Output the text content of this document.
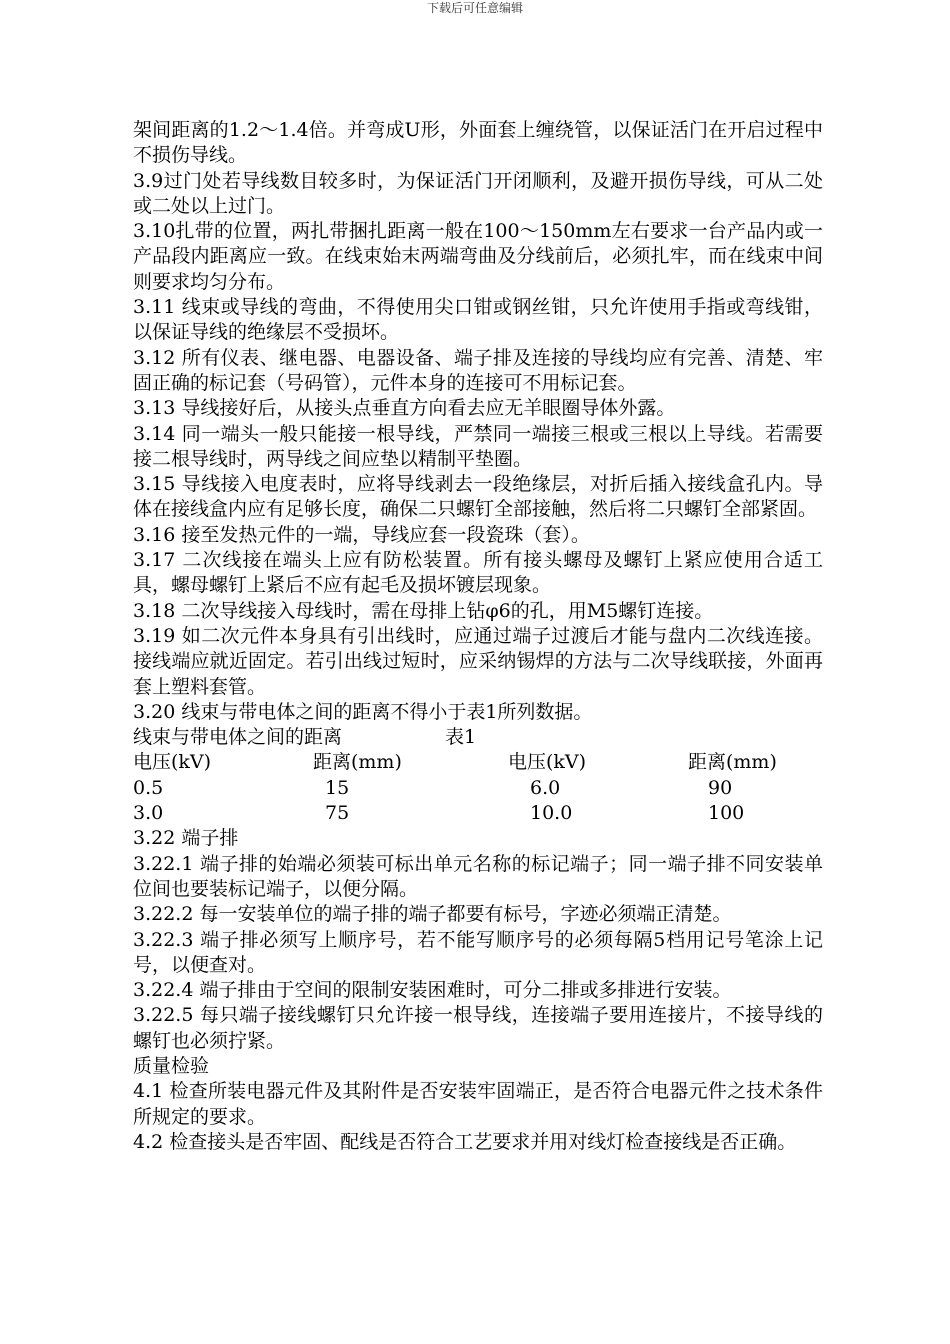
下载后可任意编辑

架间距离的1.2～1.4倍。并弯成U形，外面套上缠绕管，以保证活门在开启过程中不损伤导线。

3.9过门处若导线数目较多时，为保证活门开闭顺利，及避开损伤导线，可从二处或二处以上过门。

3.10扎带的位置，两扎带捆扎距离一般在100～150mm左右要求一台产品内或一产品段内距离应一致。在线束始末两端弯曲及分线前后，必须扎牢，而在线束中间则要求均匀分布。

3.11 线束或导线的弯曲，不得使用尖口钳或钢丝钳，只允许使用手指或弯线钳，以保证导线的绝缘层不受损坏。

3.12 所有仪表、继电器、电器设备、端子排及连接的导线均应有完善、清楚、牢固正确的标记套（号码管），元件本身的连接可不用标记套。

3.13 导线接好后，从接头点垂直方向看去应无羊眼圈导体外露。

3.14 同一端头一般只能接一根导线，严禁同一端接三根或三根以上导线。若需要接二根导线时，两导线之间应垫以精制平垫圈。

3.15 导线接入电度表时，应将导线剥去一段绝缘层，对折后插入接线盒孔内。导体在接线盒内应有足够长度，确保二只螺钉全部接触，然后将二只螺钉全部紧固。

3.16 接至发热元件的一端，导线应套一段瓷珠（套）。

3.17 二次线接在端头上应有防松装置。所有接头螺母及螺钉上紧应使用合适工具，螺母螺钉上紧后不应有起毛及损坏镀层现象。

3.18 二次导线接入母线时，需在母排上钻φ6的孔，用M5螺钉连接。

3.19 如二次元件本身具有引出线时，应通过端子过渡后才能与盘内二次线连接。接线端应就近固定。若引出线过短时，应采纳锡焊的方法与二次导线联接，外面再套上塑料套管。

3.20 线束与带电体之间的距离不得小于表1所列数据。

线束与带电体之间的距离	表1
电压(kV)	距离(mm)	电压(kV)	距离(mm)
0.5	15	6.0	90
3.0	75	10.0	100

3.22 端子排

3.22.1 端子排的始端必须装可标出单元名称的标记端子；同一端子排不同安装单位间也要装标记端子，以便分隔。

3.22.2 每一安装单位的端子排的端子都要有标号，字迹必须端正清楚。

3.22.3 端子排必须写上顺序号，若不能写顺序号的必须每隔5档用记号笔涂上记号，以便查对。

3.22.4 端子排由于空间的限制安装困难时，可分二排或多排进行安装。

3.22.5 每只端子接线螺钉只允许接一根导线，连接端子要用连接片，不接导线的螺钉也必须拧紧。

质量检验

4.1 检查所装电器元件及其附件是否安装牢固端正，是否符合电器元件之技术条件所规定的要求。

4.2 检查接头是否牢固、配线是否符合工艺要求并用对线灯检查接线是否正确。
